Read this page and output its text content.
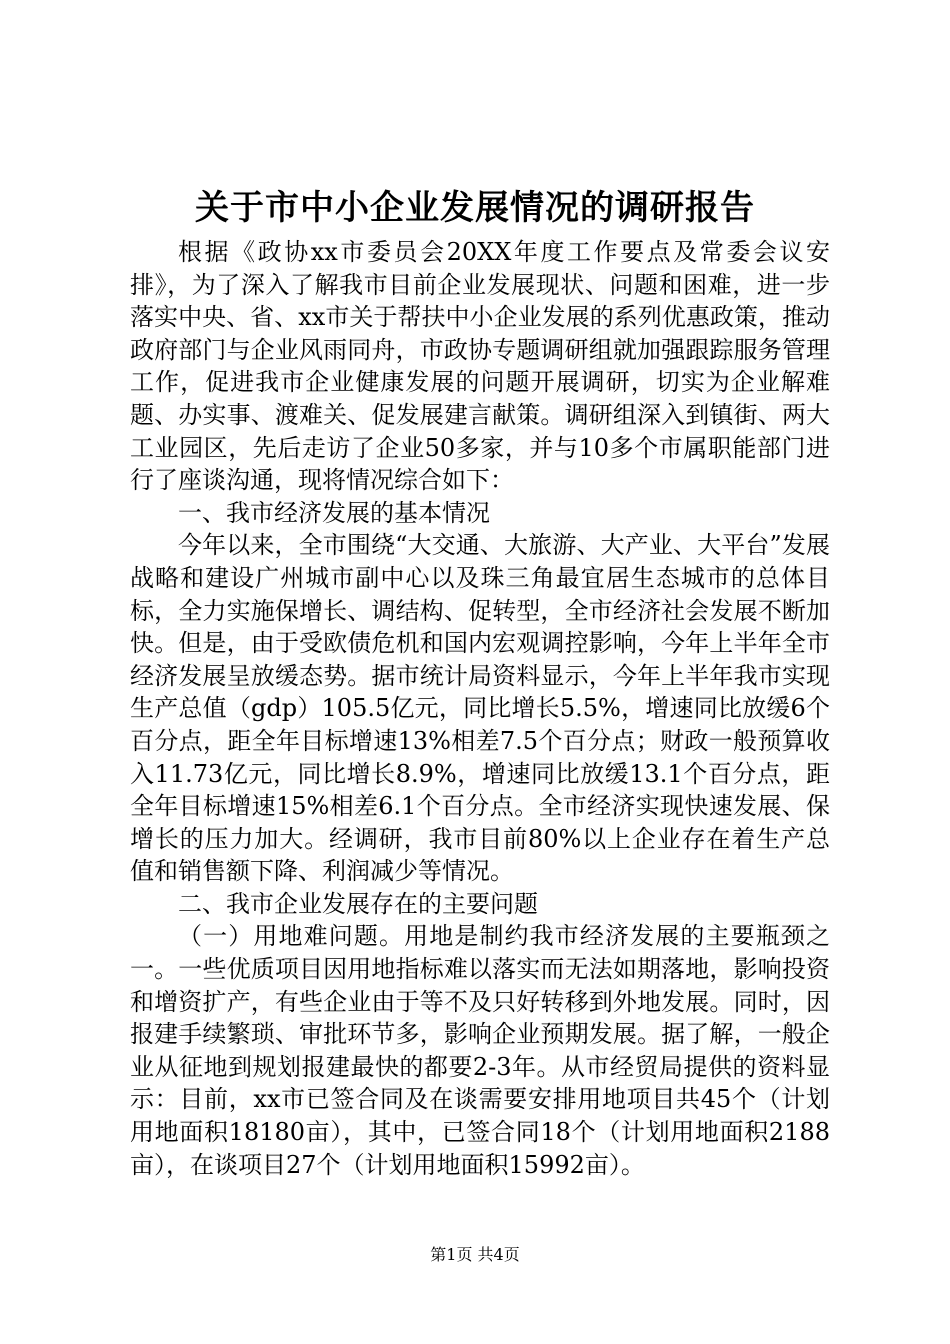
关于市中小企业发展情况的调研报告

根据《政协xx市委员会20XX年度工作要点及常委会议安排》，为了深入了解我市目前企业发展现状、问题和困难，进一步落实中央、省、xx市关于帮扶中小企业发展的系列优惠政策，推动政府部门与企业风雨同舟，市政协专题调研组就加强跟踪服务管理工作，促进我市企业健康发展的问题开展调研，切实为企业解难题、办实事、渡难关、促发展建言献策。调研组深入到镇街、两大工业园区，先后走访了企业50多家，并与10多个市属职能部门进行了座谈沟通，现将情况综合如下：

一、我市经济发展的基本情况

今年以来，全市围绕“大交通、大旅游、大产业、大平台”发展战略和建设广州城市副中心以及珠三角最宜居生态城市的总体目标，全力实施保增长、调结构、促转型，全市经济社会发展不断加快。但是，由于受欧债危机和国内宏观调控影响，今年上半年全市经济发展呈放缓态势。据市统计局资料显示，今年上半年我市实现生产总值（gdp）105.5亿元，同比增长5.5%，增速同比放缓6个百分点，距全年目标增速13%相差7.5个百分点；财政一般预算收入11.73亿元，同比增长8.9%，增速同比放缓13.1个百分点，距全年目标增速15%相差6.1个百分点。全市经济实现快速发展、保增长的压力加大。经调研，我市目前80%以上企业存在着生产总值和销售额下降、利润减少等情况。

二、我市企业发展存在的主要问题

（一）用地难问题。用地是制约我市经济发展的主要瓶颈之一。一些优质项目因用地指标难以落实而无法如期落地，影响投资和增资扩产，有些企业由于等不及只好转移到外地发展。同时，因报建手续繁琐、审批环节多，影响企业预期发展。据了解，一般企业从征地到规划报建最快的都要2-3年。从市经贸局提供的资料显示：目前，xx市已签合同及在谈需要安排用地项目共45个（计划用地面积18180亩），其中，已签合同18个（计划用地面积2188亩），在谈项目27个（计划用地面积15992亩）。

第1页 共4页
